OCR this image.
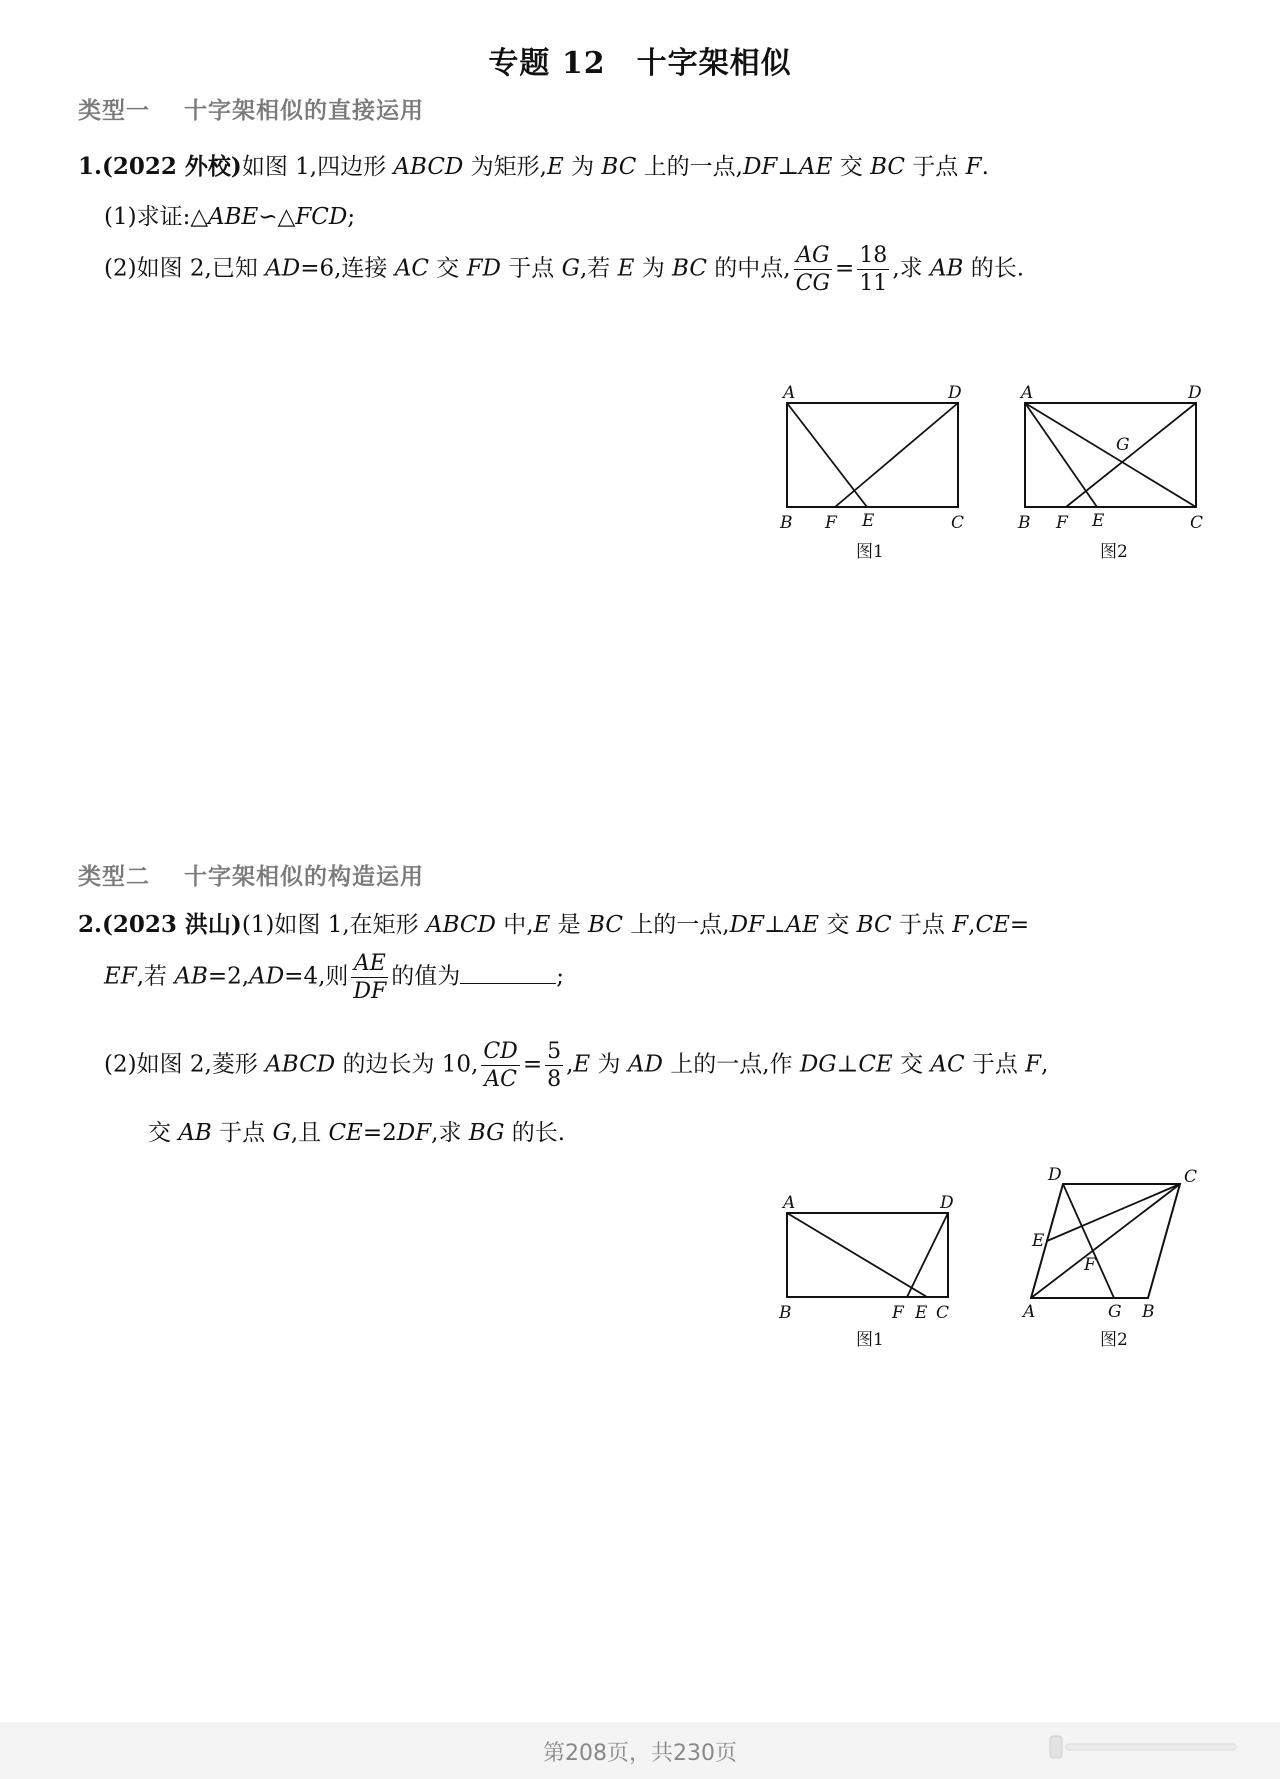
专题 12　十字架相似
类型一 十字架相似的直接运用
1.(2022 外校)如图 1,四边形 ABCD 为矩形,E 为 BC 上的一点,DF⊥AE 交 BC 于点 F.
(1)求证:△ABE∽△FCD;
(2)如图 2,已知 AD=6,连接 AC 交 FD 于点 G,若 E 为 BC 的中点, $\frac{AG}{CG} = \frac{18}{11}$ ,求 AB 的长.
A	D
B F E	C
图1
A	D
G
B F E	C
图2
类型二 十字架相似的构造运用
2.(2023 洪山)(1)如图 1,在矩形 ABCD 中,E 是 BC 上的一点,DF⊥AE 交 BC 于点 F,CE=
EF,若 AB=2,AD=4,则 $\frac{AE}{DF}$ 的值为	;
(2)如图 2,菱形 ABCD 的边长为 10, $\frac{CD}{AC} = \frac{5}{8} ,E$ 为 AD 上的一点,作 DG⊥CE 交 AC 于点 F,
交 AB 于点 G,且 CE=2DF,求 BG 的长.
A	D
B	F E C
图1
D	C
E
F
A	G B
图2
第208页，共230页
